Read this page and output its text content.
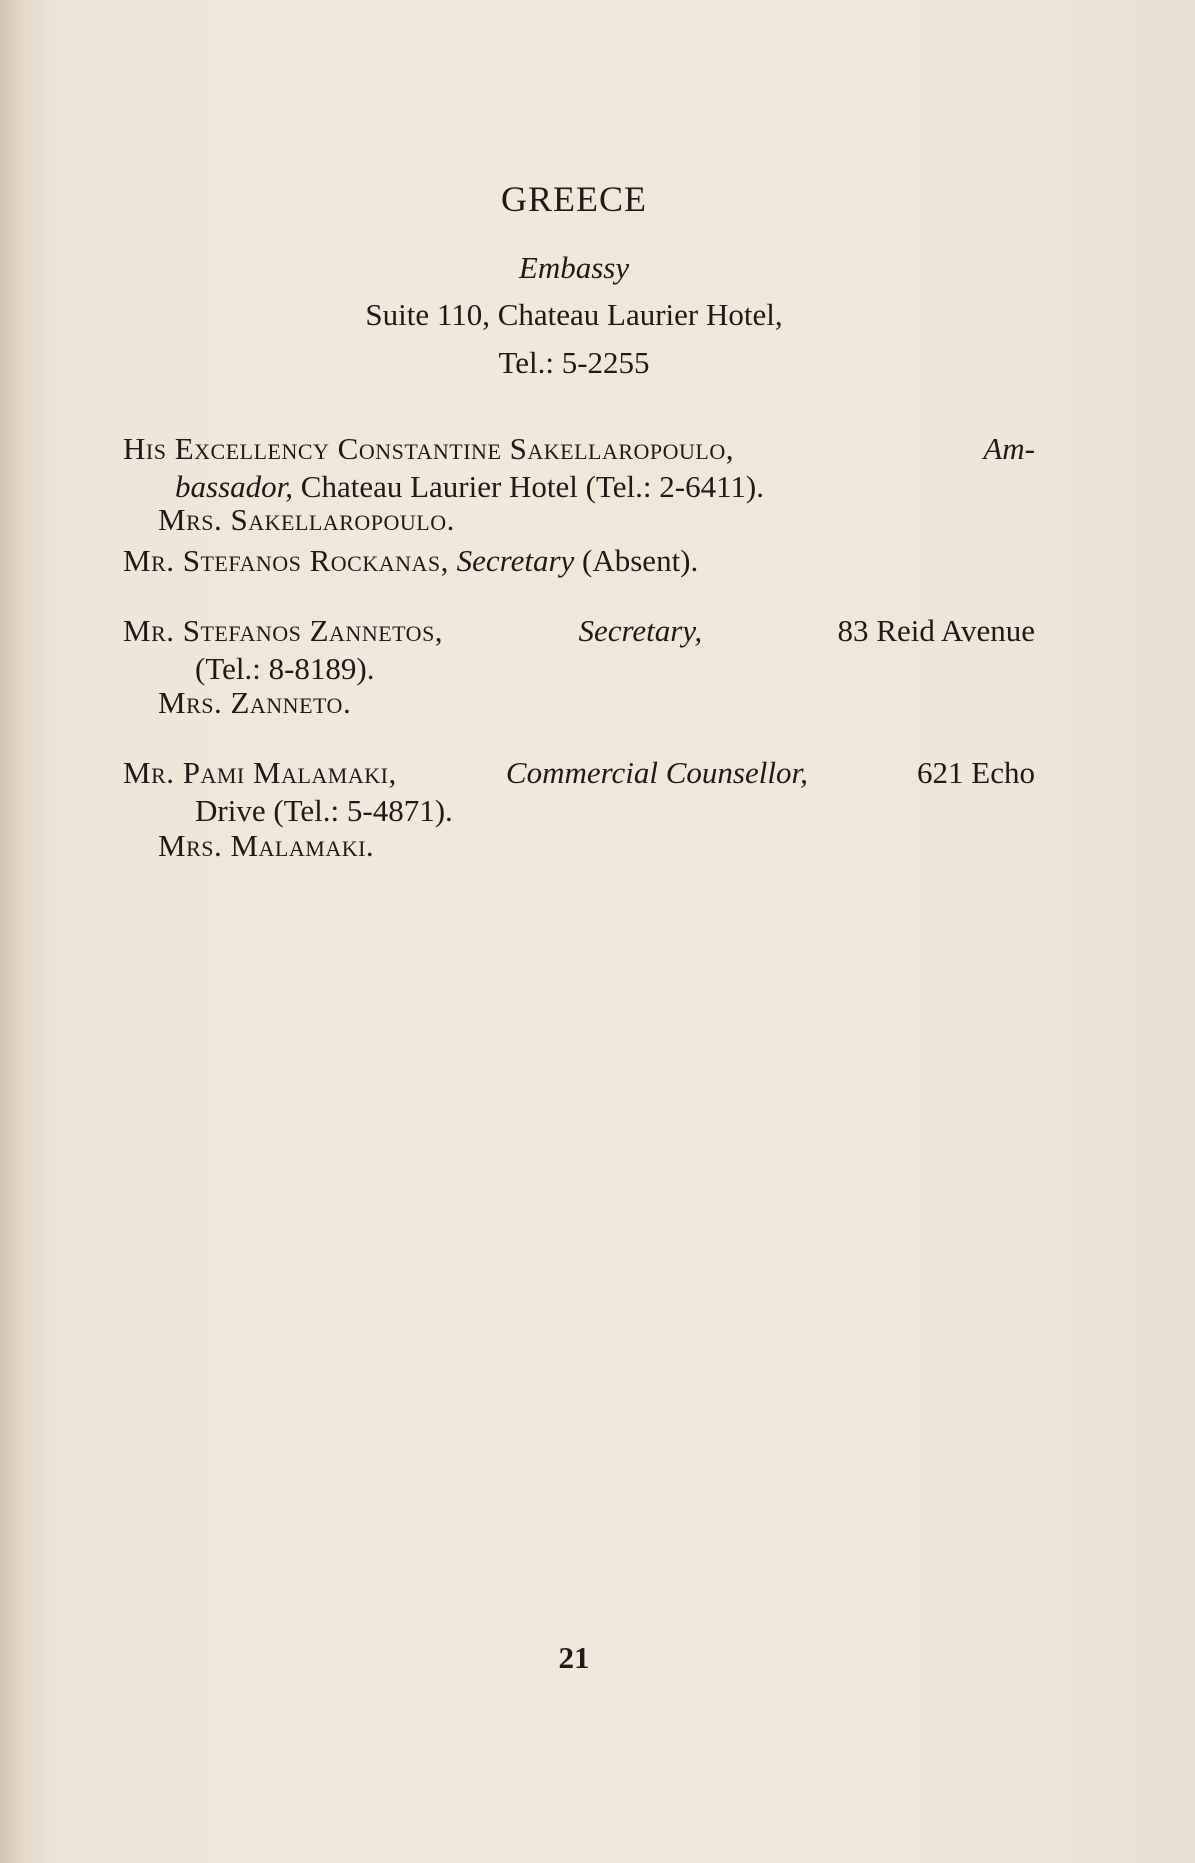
GREECE
Embassy
Suite 110, Chateau Laurier Hotel,
Tel.: 5-2255
His Excellency Constantine Sakellaropoulo,	Am-
bassador, Chateau Laurier Hotel (Tel.: 2-6411).
Mrs. Sakellaropoulo.
Mr. Stefanos Rockanas, Secretary (Absent).
Mr. Stefanos Zannetos,	Secretary,	83 Reid Avenue
(Tel.: 8-8189).
Mrs. Zanneto.
Mr. Pami Malamaki,	Commercial Counsellor,	621 Echo
Drive (Tel.: 5-4871).
Mrs. Malamaki.
21
